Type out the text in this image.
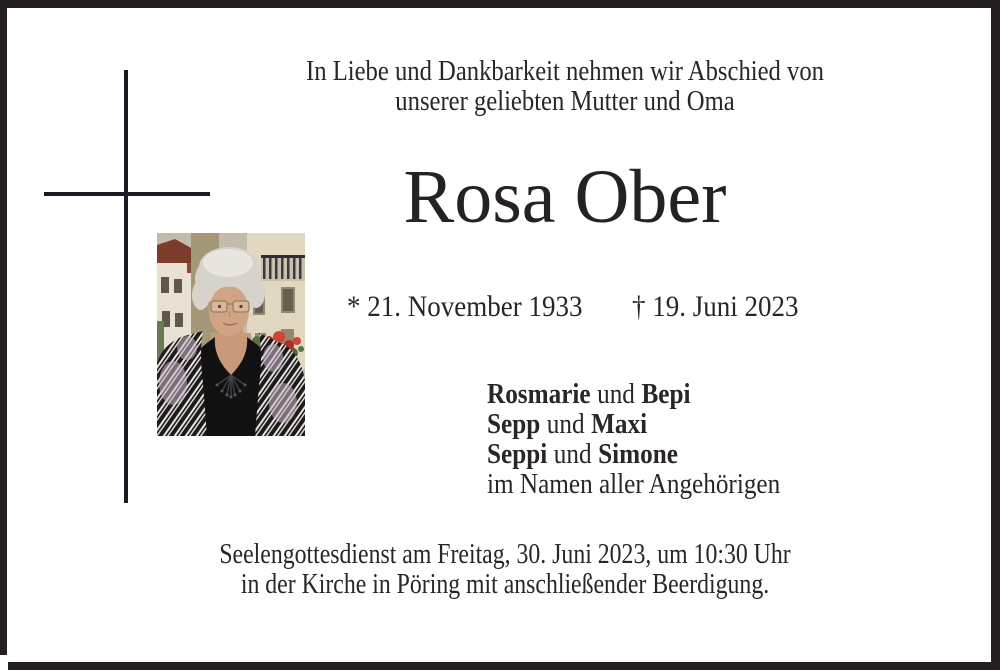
In Liebe und Dankbarkeit nehmen wir Abschied von
unserer geliebten Mutter und Oma
Rosa Ober
* 21. November 1933 † 19. Juni 2023
Rosmarie und Bepi
Sepp und Maxi
Seppi und Simone
im Namen aller Angehörigen
Seelengottesdienst am Freitag, 30. Juni 2023, um 10:30 Uhr
in der Kirche in Pöring mit anschließender Beerdigung.
